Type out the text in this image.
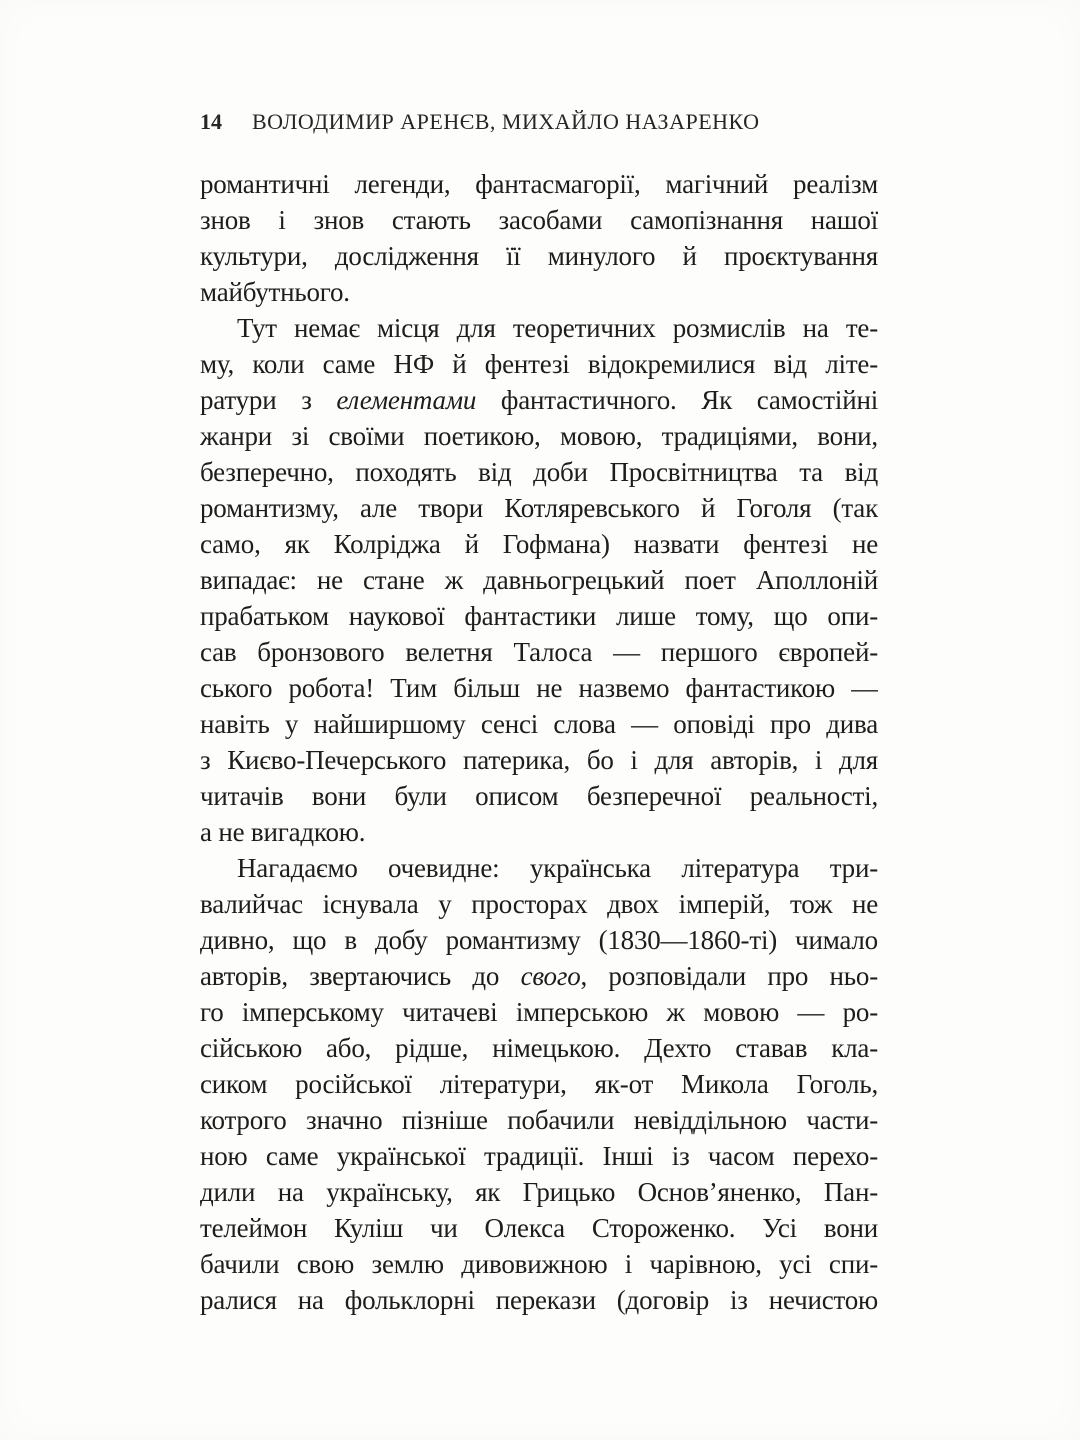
14 ВОЛОДИМИР АРЕНЄВ, МИХАЙЛО НАЗАРЕНКО
романтичні легенди, фантасмагорії, магічний реалізм
знов і знов стають засобами самопізнання нашої
культури, дослідження її минулого й проєктування
майбутнього.
Тут немає місця для теоретичних розмислів на те-
му, коли саме НФ й фентезі відокремилися від літе-
ратури з елементами фантастичного. Як самостійні
жанри зі своїми поетикою, мовою, традиціями, вони,
безперечно, походять від доби Просвітництва та від
романтизму, але твори Котляревського й Гоголя (так
само, як Колріджа й Гофмана) назвати фентезі не
випадає: не стане ж давньогрецький поет Аполлоній
прабатьком наукової фантастики лише тому, що опи-
сав бронзового велетня Талоса — першого європей-
ського робота! Тим більш не назвемо фантастикою —
навіть у найширшому сенсі слова — оповіді про дива
з Києво-Печерського патерика, бо і для авторів, і для
читачів вони були описом безперечної реальності,
а не вигадкою.
Нагадаємо очевидне: українська література три-
валийчас існувала у просторах двох імперій, тож не
дивно, що в добу романтизму (1830—1860-ті) чимало
авторів, звертаючись до свого, розповідали про ньо-
го імперському читачеві імперською ж мовою — ро-
сійською або, рідше, німецькою. Дехто ставав кла-
сиком російської літератури, як-от Микола Гоголь,
котрого значно пізніше побачили невіддільною части-
ною саме української традиції. Інші із часом перехо-
дили на українську, як Грицько Основ’яненко, Пан-
телеймон Куліш чи Олекса Стороженко. Усі вони
бачили свою землю дивовижною і чарівною, усі спи-
ралися на фольклорні перекази (договір із нечистою
